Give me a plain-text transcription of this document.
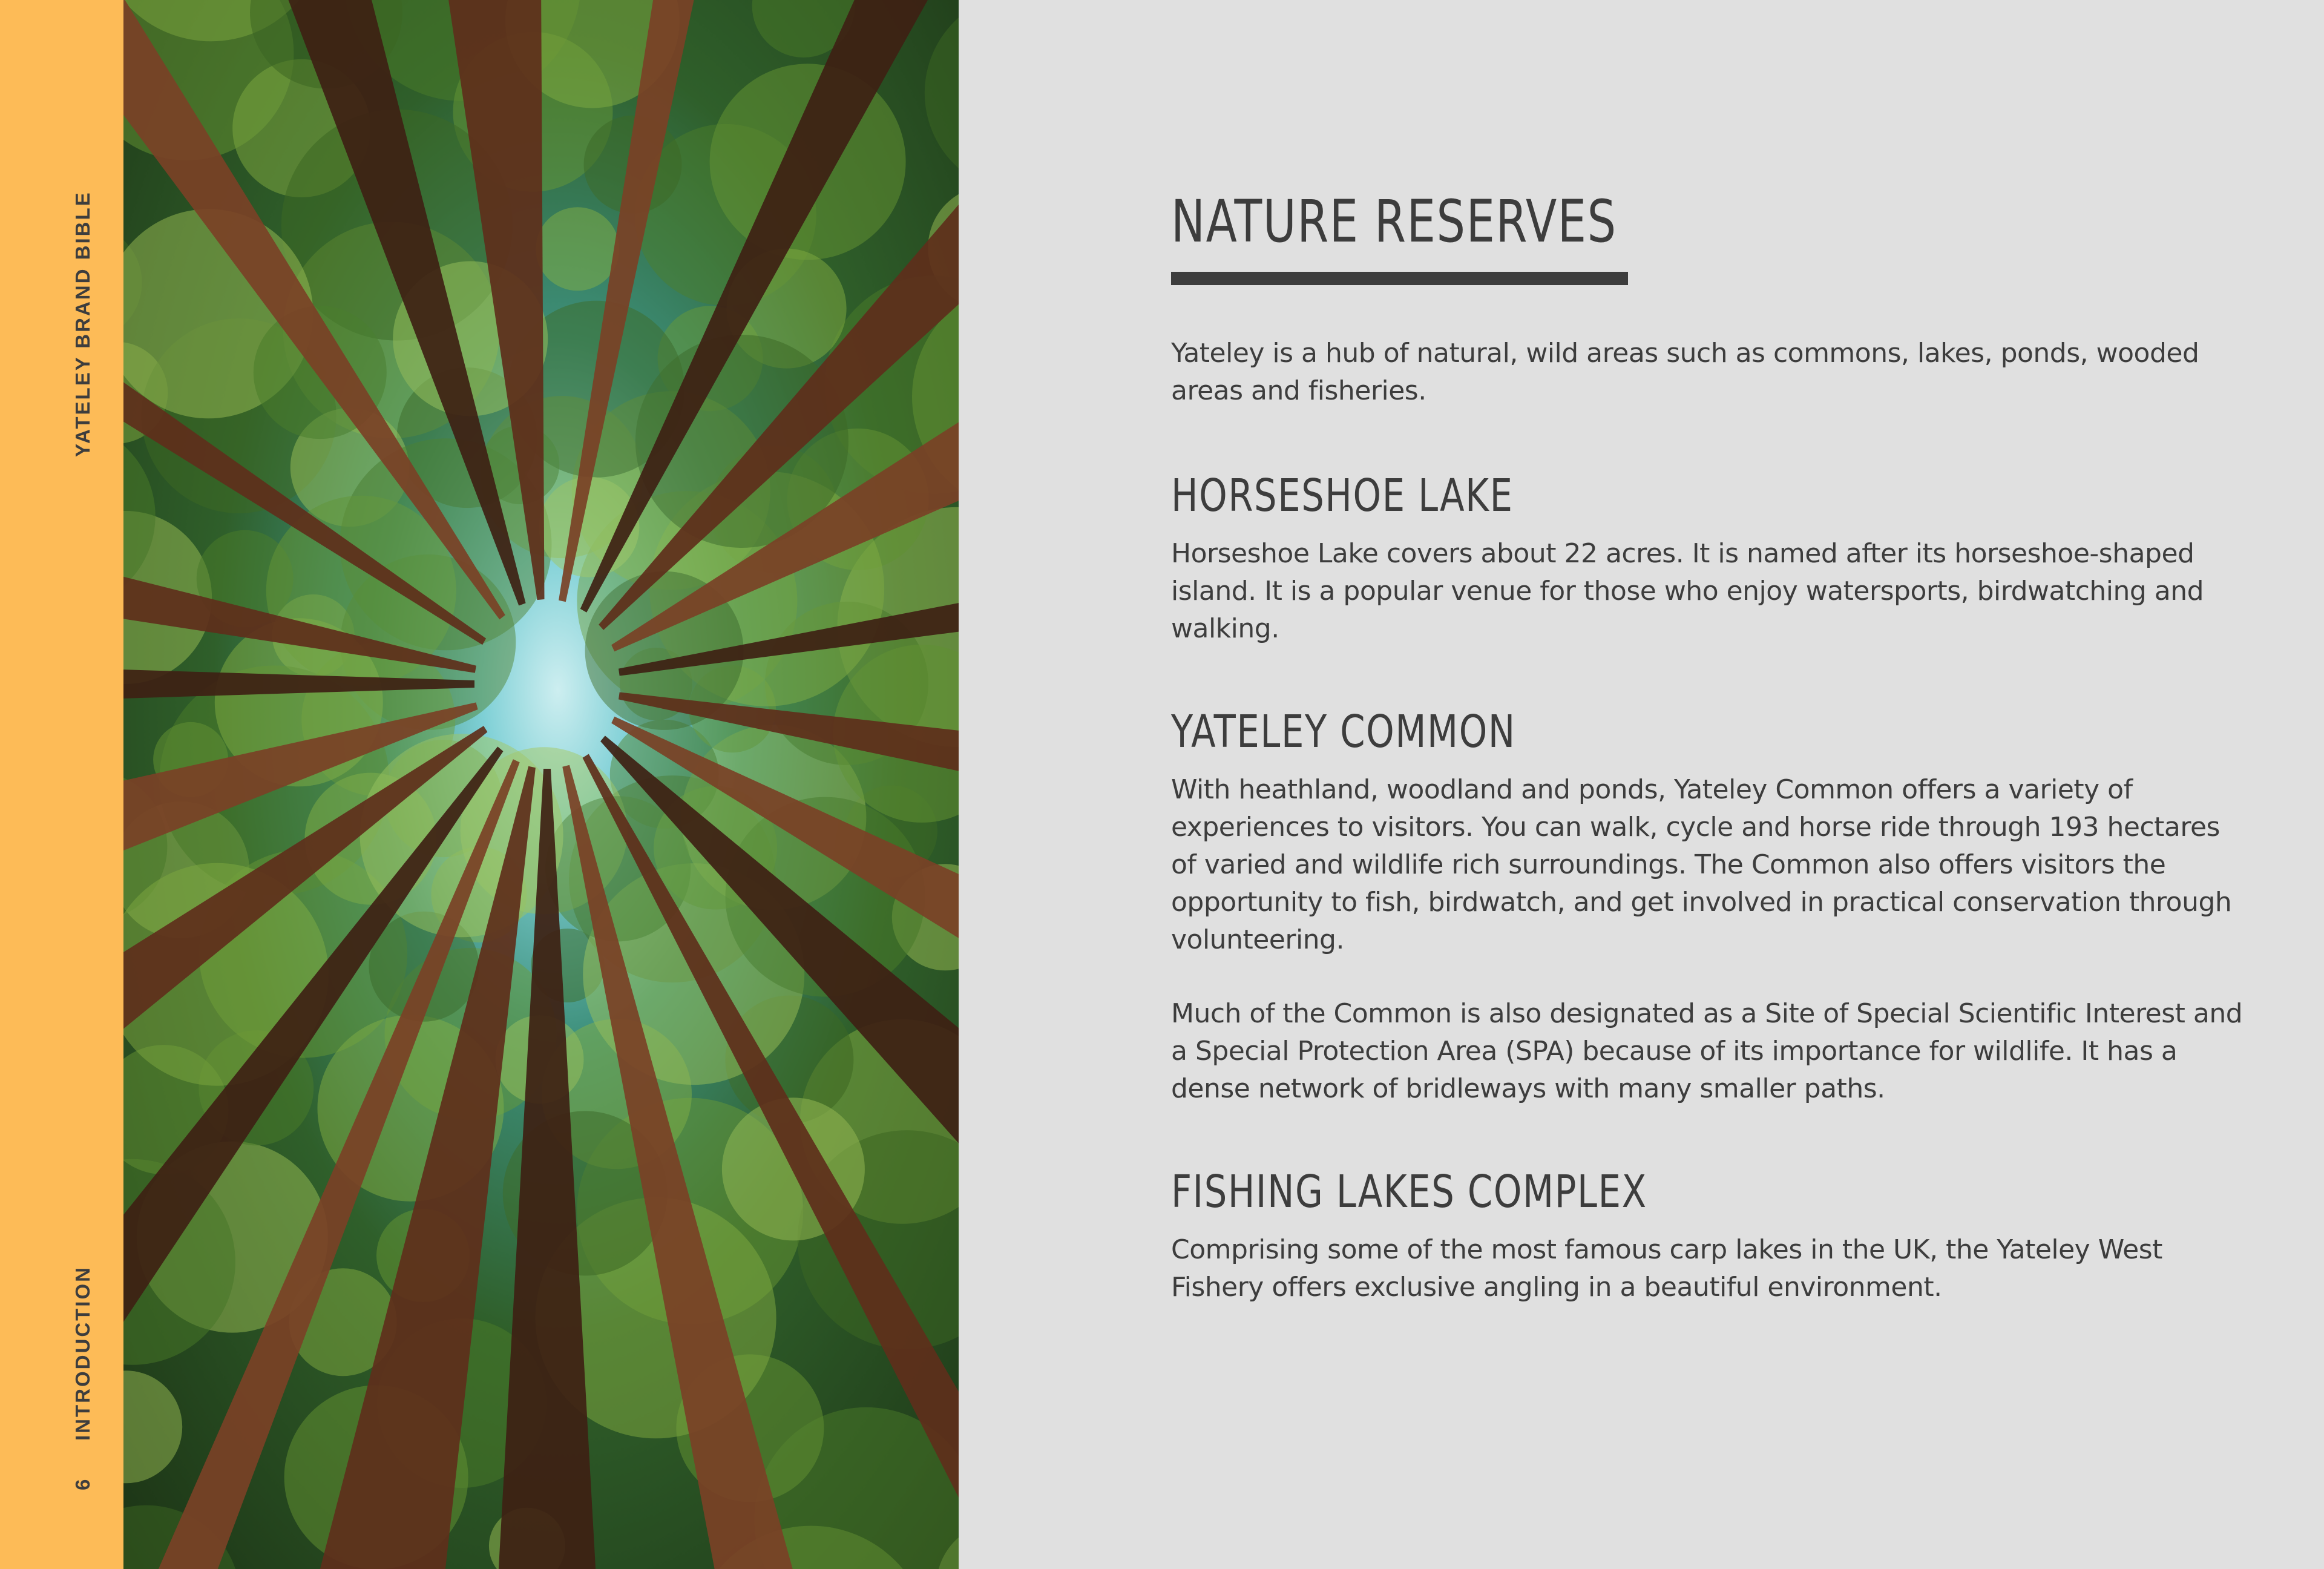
YATELEY BRAND BIBLE
INTRODUCTION
6
NATURE RESERVES

Yateley is a hub of natural, wild areas such as commons, lakes, ponds, wooded areas and fisheries.

HORSESHOE LAKE

Horseshoe Lake covers about 22 acres. It is named after its horseshoe-shaped island. It is a popular venue for those who enjoy watersports, birdwatching and walking.

YATELEY COMMON

With heathland, woodland and ponds, Yateley Common offers a variety of experiences to visitors. You can walk, cycle and horse ride through 193 hectares of varied and wildlife rich surroundings. The Common also offers visitors the opportunity to fish, birdwatch, and get involved in practical conservation through volunteering.

Much of the Common is also designated as a Site of Special Scientific Interest and a Special Protection Area (SPA) because of its importance for wildlife. It has a dense network of bridleways with many smaller paths.

FISHING LAKES COMPLEX

Comprising some of the most famous carp lakes in the UK, the Yateley West Fishery offers exclusive angling in a beautiful environment.
